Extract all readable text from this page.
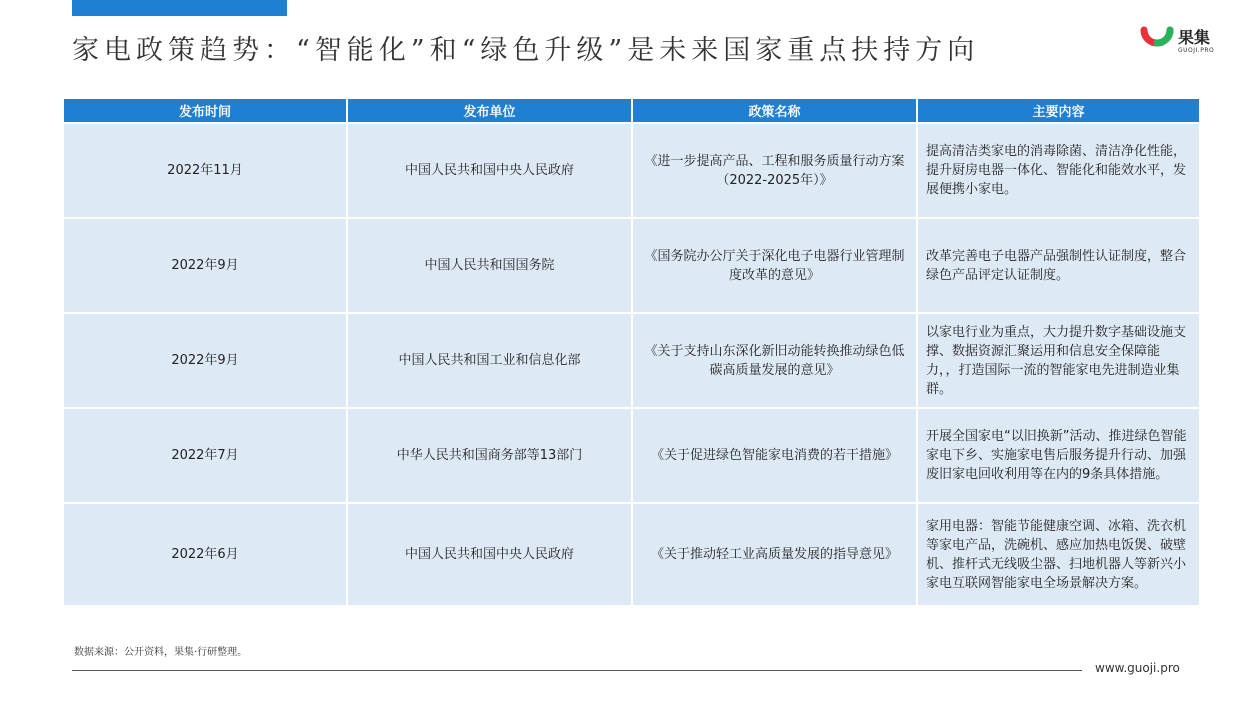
家电政策趋势：“智能化”和“绿色升级”是未来国家重点扶持方向	果集
GUOJI.PRO
发布时间	发布单位	政策名称	主要内容
2022年11月	中国人民共和国中央人民政府	《进一步提高产品、工程和服务质量行动方案（2022-2025年）》	提高清洁类家电的消毒除菌、清洁净化性能，提升厨房电器一体化、智能化和能效水平，发展便携小家电。
2022年9月	中国人民共和国国务院	《国务院办公厅关于深化电子电器行业管理制度改革的意见》	改革完善电子电器产品强制性认证制度，整合绿色产品评定认证制度。
2022年9月	中国人民共和国工业和信息化部	《关于支持山东深化新旧动能转换推动绿色低碳高质量发展的意见》	以家电行业为重点，大力提升数字基础设施支撑、数据资源汇聚运用和信息安全保障能力，，打造国际一流的智能家电先进制造业集群。
2022年7月	中华人民共和国商务部等13部门	《关于促进绿色智能家电消费的若干措施》	开展全国家电“以旧换新”活动、推进绿色智能家电下乡、实施家电售后服务提升行动、加强废旧家电回收利用等在内的9条具体措施。
2022年6月	中国人民共和国中央人民政府	《关于推动轻工业高质量发展的指导意见》	家用电器：智能节能健康空调、冰箱、洗衣机等家电产品，洗碗机、感应加热电饭煲、破壁机、推杆式无线吸尘器、扫地机器人等新兴小家电互联网智能家电全场景解决方案。
数据来源：公开资料，果集·行研整理。
www.guoji.pro
